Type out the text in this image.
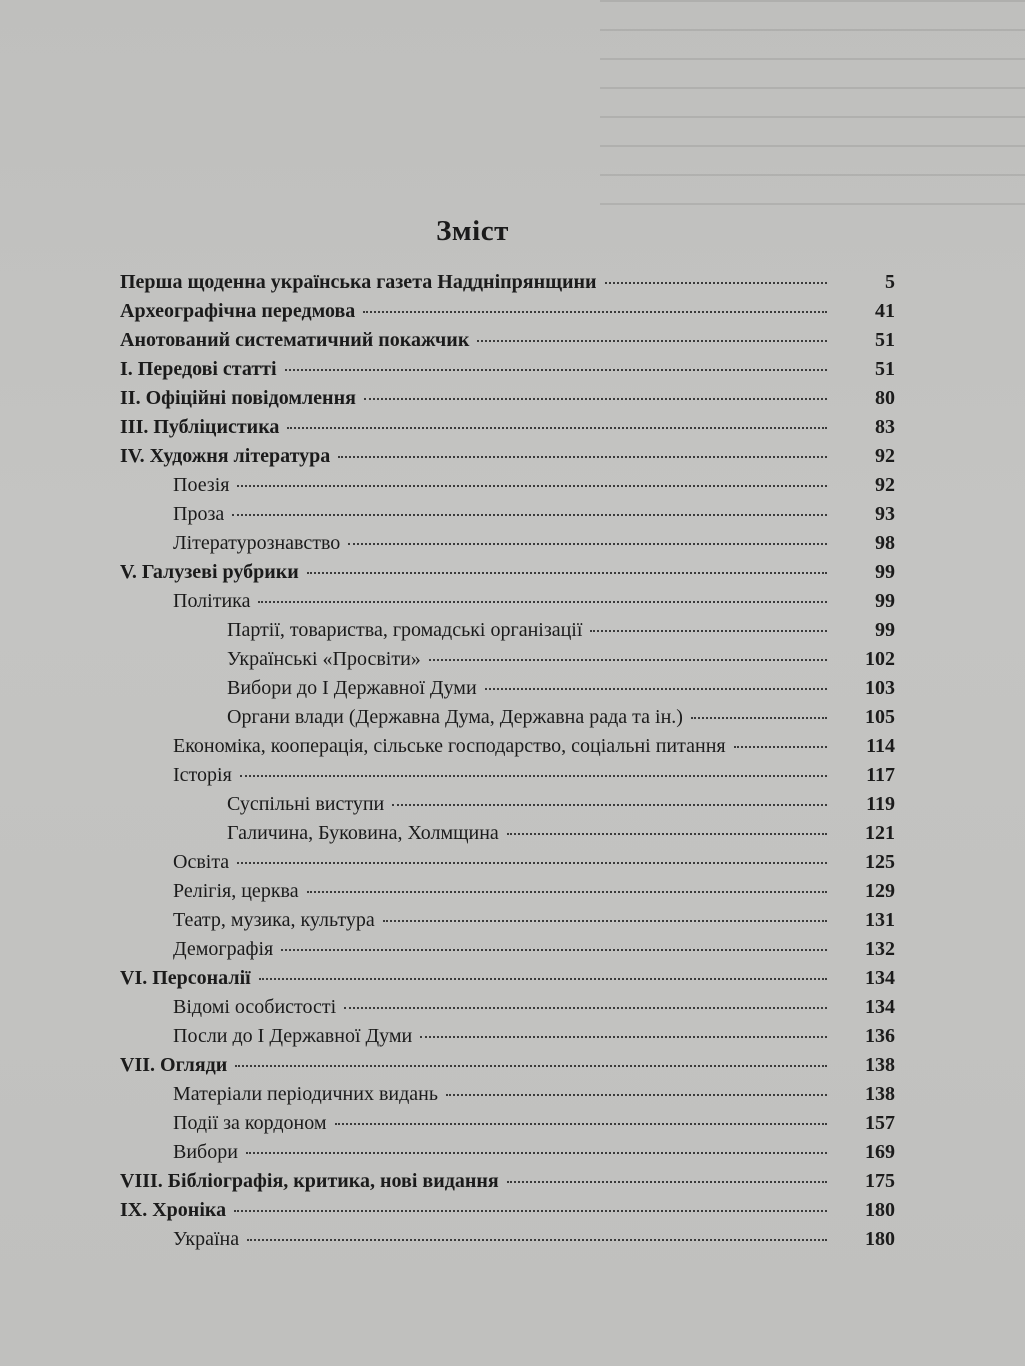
Зміст
Перша щоденна українська газета Наддніпрянщини	5
Археографічна передмова	41
Анотований систематичний покажчик	51
І. Передові статті	51
ІІ. Офіційні повідомлення	80
ІІІ. Публіцистика	83
IV. Художня література	92
Поезія	92
Проза	93
Літературознавство	98
V. Галузеві рубрики	99
Політика	99
Партії, товариства, громадські організації	99
Українські «Просвіти»	102
Вибори до І Державної Думи	103
Органи влади (Державна Дума, Державна рада та ін.)	105
Економіка, кооперація, сільське господарство, соціальні питання	114
Історія	117
Суспільні виступи	119
Галичина, Буковина, Холмщина	121
Освіта	125
Релігія, церква	129
Театр, музика, культура	131
Демографія	132
VI. Персоналії	134
Відомі особистості	134
Посли до І Державної Думи	136
VII. Огляди	138
Матеріали періодичних видань	138
Події за кордоном	157
Вибори	169
VIII. Бібліографія, критика, нові видання	175
IX. Хроніка	180
Україна	180
